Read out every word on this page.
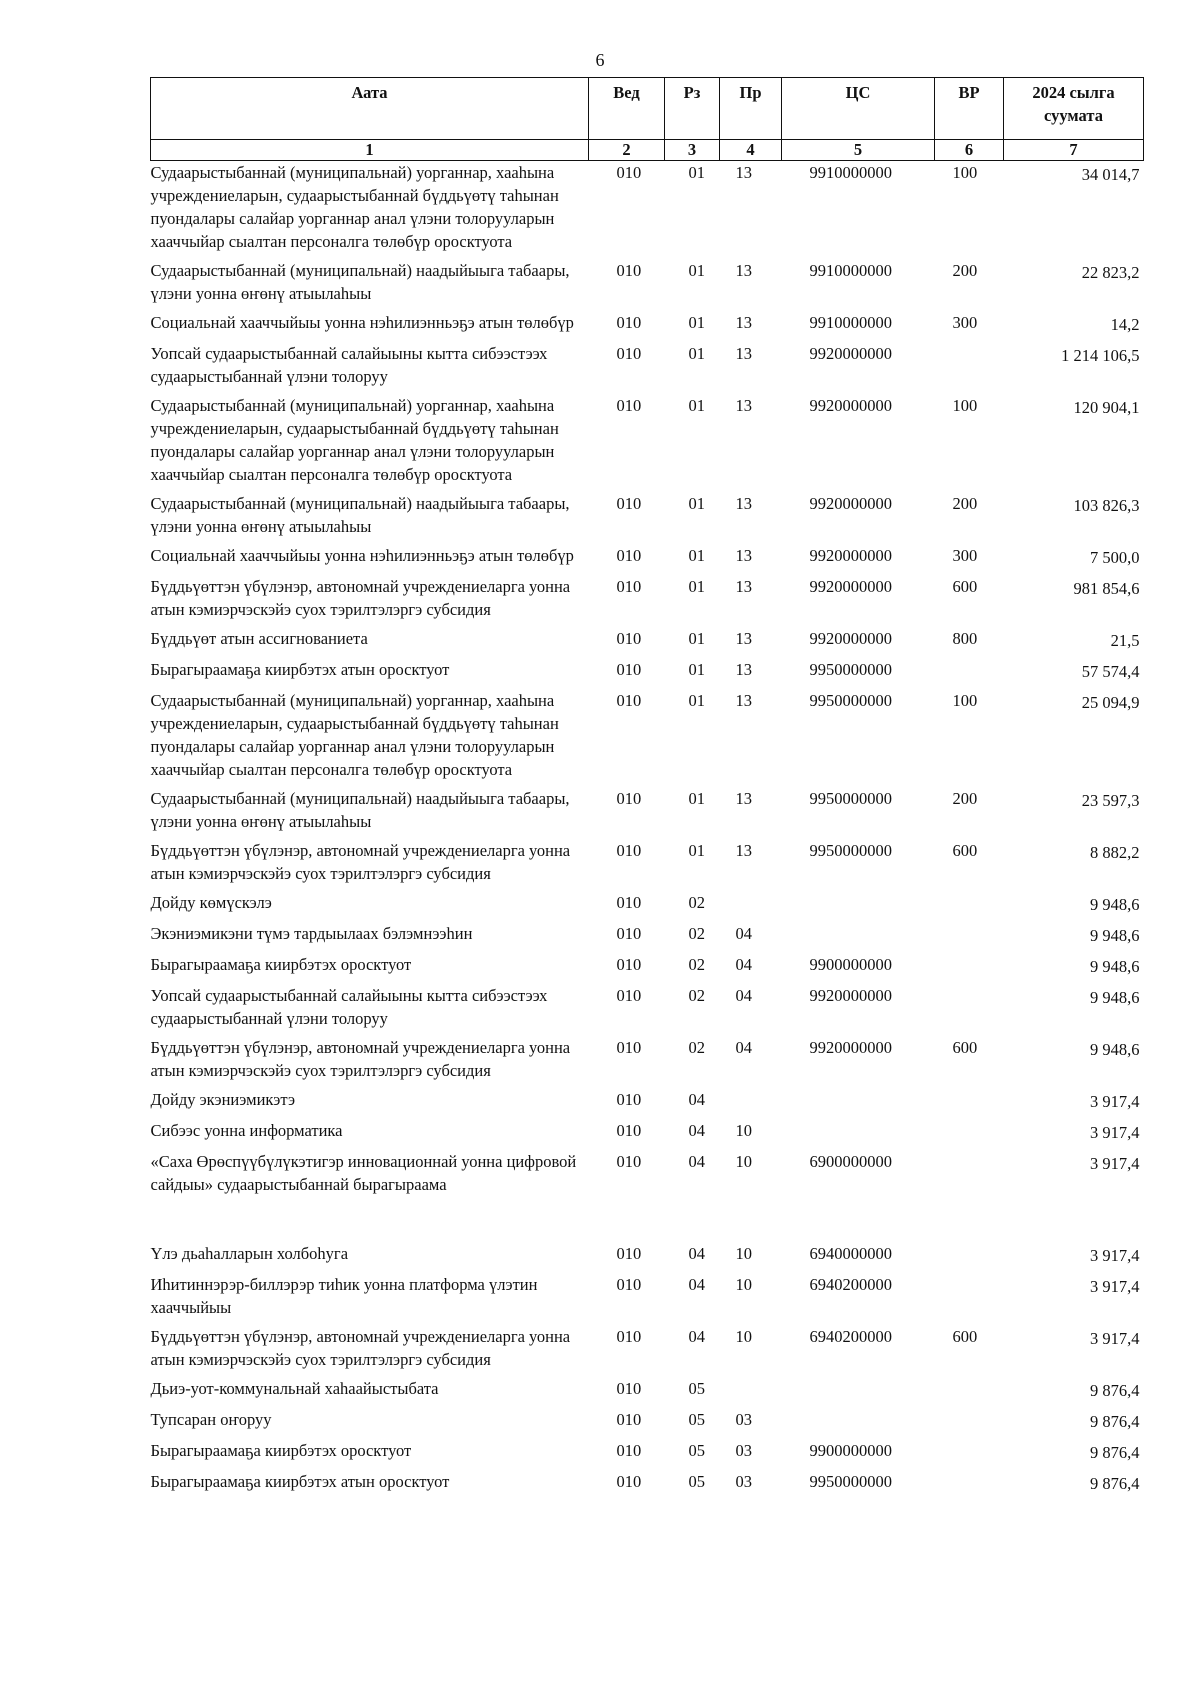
6
Аата	Вед	Рз	Пр	ЦС	ВР	2024 сылга суумата
1	2	3	4	5	6	7
Судаарыстыбаннай (муниципальнай) уорганнар, хааһына учреждениеларын, судаарыстыбаннай бүддьүөтү таһынан пуондалары салайар уорганнар анал үлэни толорууларын хааччыйар сыалтан персоналга төлөбүр оросктуота	010	01	13	9910000000	100	34 014,7
Судаарыстыбаннай (муниципальнай) наадыйыыга табаары, үлэни уонна өҥөнү атыылаһыы	010	01	13	9910000000	200	22 823,2
Социальнай хааччыйыы уонна нэһилиэнньэҕэ атын төлөбүр	010	01	13	9910000000	300	14,2
Уопсай судаарыстыбаннай салайыыны кытта сибээстээх судаарыстыбаннай үлэни толоруу	010	01	13	9920000000		1 214 106,5
Судаарыстыбаннай (муниципальнай) уорганнар, хааһына учреждениеларын, судаарыстыбаннай бүддьүөтү таһынан пуондалары салайар уорганнар анал үлэни толорууларын хааччыйар сыалтан персоналга төлөбүр оросктуота	010	01	13	9920000000	100	120 904,1
Судаарыстыбаннай (муниципальнай) наадыйыыга табаары, үлэни уонна өҥөнү атыылаһыы	010	01	13	9920000000	200	103 826,3
Социальнай хааччыйыы уонна нэһилиэнньэҕэ атын төлөбүр	010	01	13	9920000000	300	7 500,0
Бүддьүөттэн үбүлэнэр, автономнай учреждениеларга уонна атын кэмиэрчэскэйэ суох тэрилтэлэргэ субсидия	010	01	13	9920000000	600	981 854,6
Бүддьүөт атын ассигнованиета	010	01	13	9920000000	800	21,5
Бырагыраамаҕа киирбэтэх атын оросктуот	010	01	13	9950000000		57 574,4
Судаарыстыбаннай (муниципальнай) уорганнар, хааһына учреждениеларын, судаарыстыбаннай бүддьүөтү таһынан пуондалары салайар уорганнар анал үлэни толорууларын хааччыйар сыалтан персоналга төлөбүр оросктуота	010	01	13	9950000000	100	25 094,9
Судаарыстыбаннай (муниципальнай) наадыйыыга табаары, үлэни уонна өҥөнү атыылаһыы	010	01	13	9950000000	200	23 597,3
Бүддьүөттэн үбүлэнэр, автономнай учреждениеларга уонна атын кэмиэрчэскэйэ суох тэрилтэлэргэ субсидия	010	01	13	9950000000	600	8 882,2
Дойду көмүскэлэ	010	02				9 948,6
Экэниэмикэни түмэ тардыылаах бэлэмнээһин	010	02	04			9 948,6
Бырагыраамаҕа киирбэтэх оросктуот	010	02	04	9900000000		9 948,6
Уопсай судаарыстыбаннай салайыыны кытта сибээстээх судаарыстыбаннай үлэни толоруу	010	02	04	9920000000		9 948,6
Бүддьүөттэн үбүлэнэр, автономнай учреждениеларга уонна атын кэмиэрчэскэйэ суох тэрилтэлэргэ субсидия	010	02	04	9920000000	600	9 948,6
Дойду экэниэмикэтэ	010	04				3 917,4
Сибээс уонна информатика	010	04	10			3 917,4
«Саха Өрөспүүбүлүкэтигэр инновационнай уонна цифровой сайдыы» судаарыстыбаннай бырагыраама	010	04	10	6900000000		3 917,4
Үлэ дьаһалларын холбоһуга	010	04	10	6940000000		3 917,4
Иһитиннэрэр-биллэрэр тиһик уонна платформа үлэтин хааччыйыы	010	04	10	6940200000		3 917,4
Бүддьүөттэн үбүлэнэр, автономнай учреждениеларга уонна атын кэмиэрчэскэйэ суох тэрилтэлэргэ субсидия	010	04	10	6940200000	600	3 917,4
Дьиэ-уот-коммунальнай хаһаайыстыбата	010	05				9 876,4
Тупсаран оҥоруу	010	05	03			9 876,4
Бырагыраамаҕа киирбэтэх оросктуот	010	05	03	9900000000		9 876,4
Бырагыраамаҕа киирбэтэх атын оросктуот	010	05	03	9950000000		9 876,4
